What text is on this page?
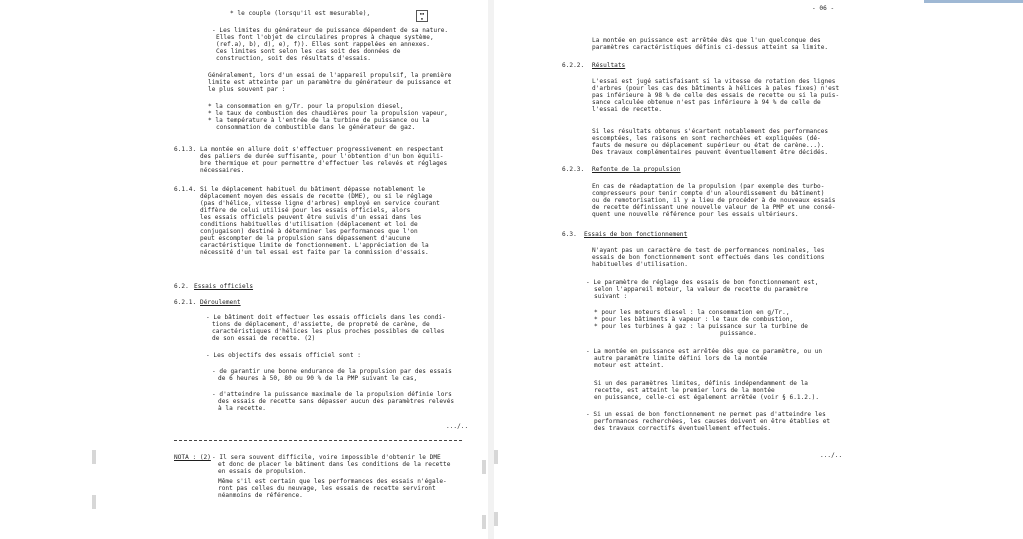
▪▪
▪
* le couple (lorsqu'il est mesurable),
- Les limites du générateur de puissance dépendent de sa nature.
Elles font l'objet de circulaires propres à chaque système,
(ref.a), b), d), e), f)). Elles sont rappelées en annexes.
Ces limites sont selon les cas soit des données de
construction, soit des résultats d'essais.
Généralement, lors d'un essai de l'appareil propulsif, la première
limite est atteinte par un paramètre du générateur de puissance et
le plus souvent par :
* la consommation en g/Tr. pour la propulsion diesel,
* le taux de combustion des chaudières pour la propulsion vapeur,
* la température à l'entrée de la turbine de puissance ou la
consommation de combustible dans le générateur de gaz.
6.1.3. La montée en allure doit s'effectuer progressivement en respectant
des paliers de durée suffisante, pour l'obtention d'un bon équili-
bre thermique et pour permettre d'effectuer les relevés et réglages
nécessaires.
6.1.4. Si le déplacement habituel du bâtiment dépasse notablement le
déplacement moyen des essais de recette (DME), ou si le réglage
(pas d'hélice, vitesse ligne d'arbres) employé en service courant
diffère de celui utilisé pour les essais officiels, alors
les essais officiels peuvent être suivis d'un essai dans les
conditions habituelles d'utilisation (déplacement et loi de
conjugaison) destiné à déterminer les performances que l'on
peut escompter de la propulsion sans dépassement d'aucune
caractéristique limite de fonctionnement. L'appréciation de la
nécessité d'un tel essai est faite par la commission d'essais.
6.2. Essais officiels
6.2.1. Déroulement
- Le bâtiment doit effectuer les essais officiels dans les condi-
tions de déplacement, d'assiette, de propreté de carène, de
caractéristiques d'hélices les plus proches possibles de celles
de son essai de recette. (2)
- Les objectifs des essais officiel sont :
- de garantir une bonne endurance de la propulsion par des essais
de 6 heures à 50, 80 ou 90 % de la PMP suivant le cas,
- d'atteindre la puissance maximale de la propulsion définie lors
des essais de recette sans dépasser aucun des paramètres relevés
à la recette.
.../..
NOTA : (2) - Il sera souvent difficile, voire impossible d'obtenir le DME
et donc de placer le bâtiment dans les conditions de la recette
en essais de propulsion.
Même s'il est certain que les performances des essais n'égale-
ront pas celles du neuvage, les essais de recette serviront
néanmoins de référence.
- 06 -
La montée en puissance est arrêtée dès que l'un quelconque des
paramètres caractéristiques définis ci-dessus atteint sa limite.
6.2.2. Résultats
L'essai est jugé satisfaisant si la vitesse de rotation des lignes
d'arbres (pour les cas des bâtiments à hélices à pales fixes) n'est
pas inférieure à 98 % de celle des essais de recette ou si la puis-
sance calculée obtenue n'est pas inférieure à 94 % de celle de
l'essai de recette.
Si les résultats obtenus s'écartent notablement des performances
escomptées, les raisons en sont recherchées et expliquées (dé-
fauts de mesure ou déplacement supérieur ou état de carène...).
Des travaux complémentaires peuvent éventuellement être décidés.
6.2.3. Refonte de la propulsion
En cas de réadaptation de la propulsion (par exemple des turbo-
compresseurs pour tenir compte d'un alourdissement du bâtiment)
ou de remotorisation, il y a lieu de procéder à de nouveaux essais
de recette définissant une nouvelle valeur de la PMP et une consé-
quent une nouvelle référence pour les essais ultérieurs.
6.3. Essais de bon fonctionnement
N'ayant pas un caractère de test de performances nominales, les
essais de bon fonctionnement sont effectués dans les conditions
habituelles d'utilisation.
- Le paramètre de réglage des essais de bon fonctionnement est,
selon l'appareil moteur, la valeur de recette du paramètre
suivant :
* pour les moteurs diesel : la consommation en g/Tr.,
* pour les bâtiments à vapeur : le taux de combustion,
* pour les turbines à gaz : la puissance sur la turbine de
puissance.
- La montée en puissance est arrêtée dès que ce paramètre, ou un
autre paramètre limite défini lors de la montée
moteur est atteint.
Si un des paramètres limites, définis indépendamment de la
recette, est atteint le premier lors de la montée
en puissance, celle-ci est également arrêtée (voir § 6.1.2.).
- Si un essai de bon fonctionnement ne permet pas d'atteindre les
performances recherchées, les causes doivent en être établies et
des travaux correctifs éventuellement effectués.
.../..
